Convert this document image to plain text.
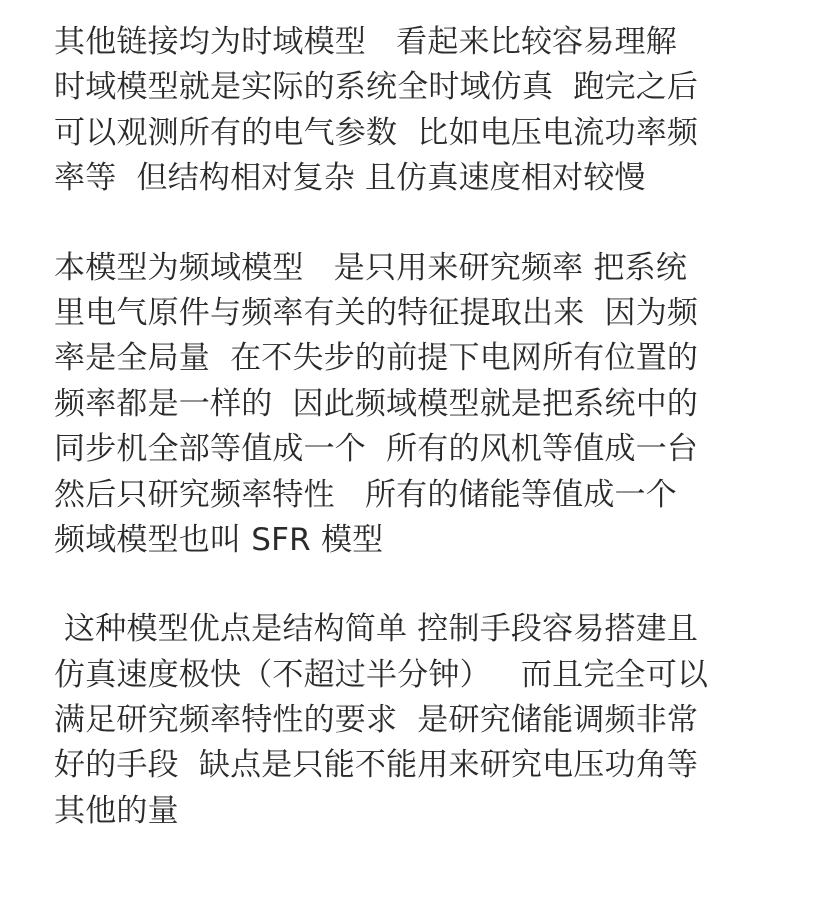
其他链接均为时域模型   看起来比较容易理解
时域模型就是实际的系统全时域仿真  跑完之后
可以观测所有的电气参数  比如电压电流功率频
率等  但结构相对复杂 且仿真速度相对较慢
本模型为频域模型   是只用来研究频率 把系统
里电气原件与频率有关的特征提取出来  因为频
率是全局量  在不失步的前提下电网所有位置的
频率都是一样的  因此频域模型就是把系统中的
同步机全部等值成一个  所有的风机等值成一台
然后只研究频率特性   所有的储能等值成一个
频域模型也叫 SFR 模型
这种模型优点是结构简单 控制手段容易搭建且
仿真速度极快（不超过半分钟）   而且完全可以
满足研究频率特性的要求  是研究储能调频非常
好的手段  缺点是只能不能用来研究电压功角等
其他的量
